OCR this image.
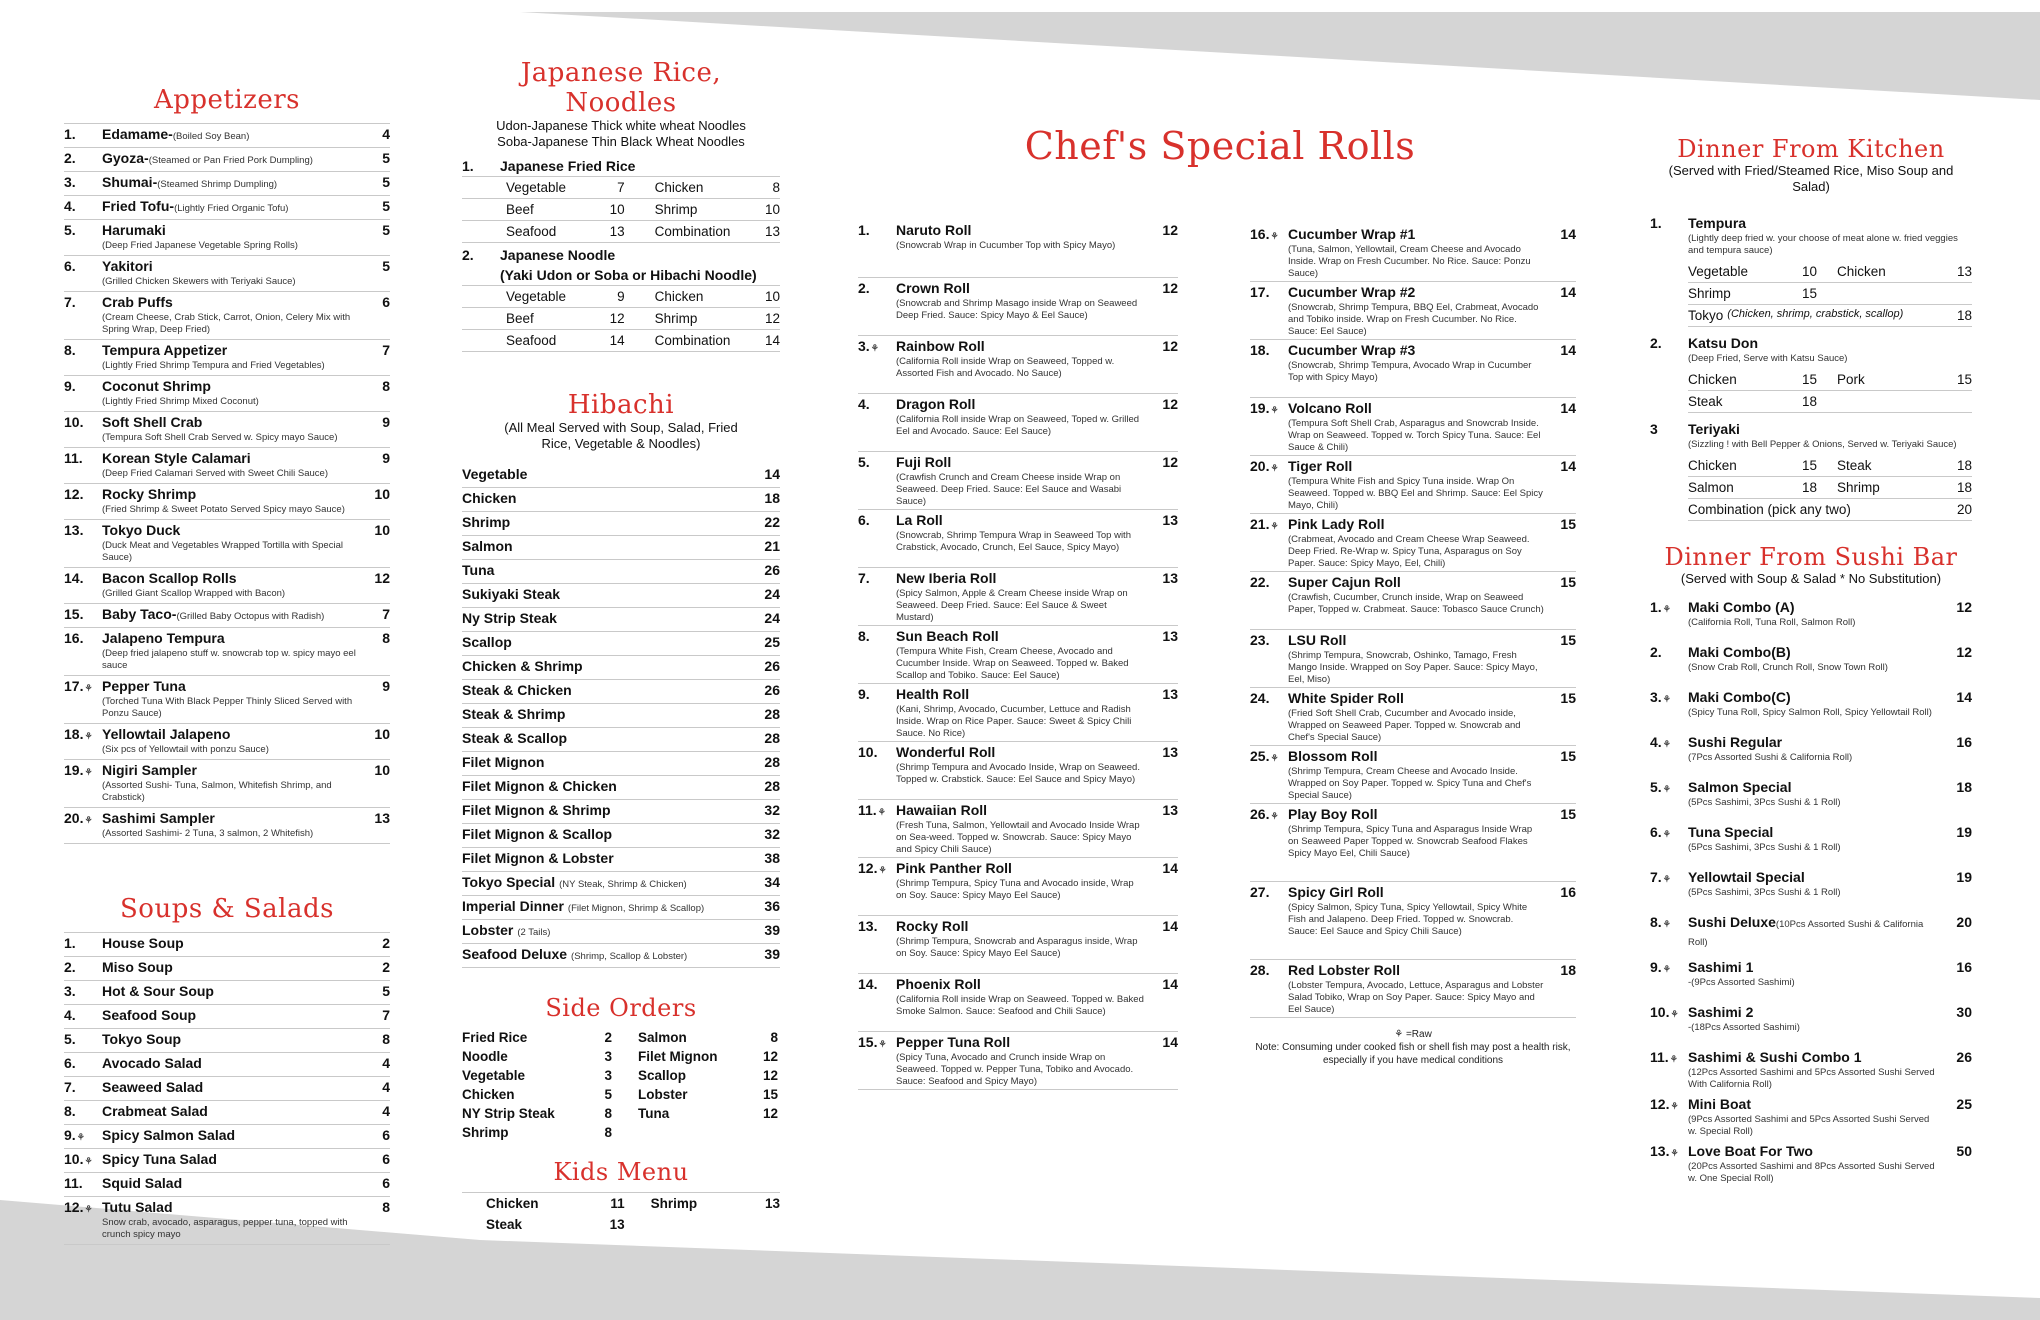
Appetizers
1.	Edamame-(Boiled Soy Bean)	4
2.	Gyoza-(Steamed or Pan Fried Pork Dumpling)	5
3.	Shumai-(Steamed Shrimp Dumpling)	5
4.	Fried Tofu-(Lightly Fried Organic Tofu)	5
5.	Harumaki
(Deep Fried Japanese Vegetable Spring Rolls)
5
6.	Yakitori
(Grilled Chicken Skewers with Teriyaki Sauce)
5
7.	Crab Puffs
(Cream Cheese, Crab Stick, Carrot, Onion, Celery Mix with Spring Wrap, Deep Fried)
6
8.	Tempura Appetizer
(Lightly Fried Shrimp Tempura and Fried Vegetables)
7
9.	Coconut Shrimp
(Lightly Fried Shrimp Mixed Coconut)
8
10.	Soft Shell Crab
(Tempura Soft Shell Crab Served w. Spicy mayo Sauce)
9
11.	Korean Style Calamari
(Deep Fried Calamari Served with Sweet Chili Sauce)
9
12.	Rocky Shrimp
(Fried Shrimp & Sweet Potato Served Spicy mayo Sauce)
10
13.	Tokyo Duck
(Duck Meat and Vegetables Wrapped Tortilla with Special Sauce)
10
14.	Bacon Scallop Rolls
(Grilled Giant Scallop Wrapped with Bacon)
12
15.	Baby Taco-(Grilled Baby Octopus with Radish)	7
16.	Jalapeno Tempura
(Deep fried jalapeno stuff w. snowcrab top w. spicy mayo eel sauce
8
17.⚘ Pepper Tuna
(Torched Tuna With Black Pepper Thinly Sliced Served with Ponzu Sauce)
9
18.⚘ Yellowtail Jalapeno
(Six pcs of Yellowtail with ponzu Sauce)
10
19.⚘ Nigiri Sampler
(Assorted Sushi- Tuna, Salmon, Whitefish Shrimp, and Crabstick)
10
20.⚘ Sashimi Sampler
(Assorted Sashimi- 2 Tuna, 3 salmon, 2 Whitefish)
13
Soups & Salads
1.	House Soup	2
2.	Miso Soup	2
3.	Hot & Sour Soup	5
4.	Seafood Soup	7
5.	Tokyo Soup	8
6.	Avocado Salad	4
7.	Seaweed Salad	4
8.	Crabmeat Salad	4
9.⚘	Spicy Salmon Salad	6
10.⚘ Spicy Tuna Salad	6
11.	Squid Salad	6
12.⚘ Tutu Salad
Snow crab, avocado, asparagus, pepper tuna, topped with crunch spicy mayo
8
Japanese Rice, Noodles
Udon-Japanese Thick white wheat Noodles
Soba-Japanese Thin Black Wheat Noodles
1.	Japanese Fried Rice
Vegetable	7 Chicken	8
Beef	10 Shrimp	10
Seafood	13 Combination	13
2.	Japanese Noodle
(Yaki Udon or Soba or Hibachi Noodle)
Vegetable	9 Chicken	10
Beef	12 Shrimp	12
Seafood	14 Combination	14
Hibachi
(All Meal Served with Soup, Salad, Fried Rice, Vegetable & Noodles)
Vegetable	14
Chicken	18
Shrimp	22
Salmon	21
Tuna	26
Sukiyaki Steak	24
Ny Strip Steak	24
Scallop	25
Chicken & Shrimp	26
Steak & Chicken	26
Steak & Shrimp	28
Steak & Scallop	28
Filet Mignon	28
Filet Mignon & Chicken	28
Filet Mignon & Shrimp	32
Filet Mignon & Scallop	32
Filet Mignon & Lobster	38
Tokyo Special (NY Steak, Shrimp & Chicken)	34
Imperial Dinner (Filet Mignon, Shrimp & Scallop)	36
Lobster (2 Tails)	39
Seafood Deluxe (Shrimp, Scallop & Lobster)	39
Side Orders
Fried Rice	2 Salmon	8
Noodle	3 Filet Mignon	12
Vegetable	3 Scallop	12
Chicken	5 Lobster	15
NY Strip Steak	8 Tuna	12
Shrimp	8
Kids Menu
Chicken	11 Shrimp	13
Steak	13
Chef's Special Rolls
1.	Naruto Roll
(Snowcrab Wrap in Cucumber Top with Spicy Mayo)
12
2.	Crown Roll
(Snowcrab and Shrimp Masago inside Wrap on Seaweed Deep Fried. Sauce: Spicy Mayo & Eel Sauce)
12
3.⚘	Rainbow Roll
(California Roll inside Wrap on Seaweed, Topped w. Assorted Fish and Avocado. No Sauce)
12
4.	Dragon Roll
(California Roll inside Wrap on Seaweed, Toped w. Grilled Eel and Avocado. Sauce: Eel Sauce)
12
5.	Fuji Roll
(Crawfish Crunch and Cream Cheese inside Wrap on Seaweed. Deep Fried. Sauce: Eel Sauce and Wasabi Sauce)
12
6.	La Roll
(Snowcrab, Shrimp Tempura Wrap in Seaweed Top with Crabstick, Avocado, Crunch, Eel Sauce, Spicy Mayo)
13
7.	New Iberia Roll
(Spicy Salmon, Apple & Cream Cheese inside Wrap on Seaweed. Deep Fried. Sauce: Eel Sauce & Sweet Mustard)
13
8.	Sun Beach Roll
(Tempura White Fish, Cream Cheese, Avocado and Cucumber Inside. Wrap on Seaweed. Topped w. Baked Scallop and Tobiko. Sauce: Eel Sauce)
13
9.	Health Roll
(Kani, Shrimp, Avocado, Cucumber, Lettuce and Radish Inside. Wrap on Rice Paper. Sauce: Sweet & Spicy Chili Sauce. No Rice)
13
10.	Wonderful Roll
(Shrimp Tempura and Avocado Inside, Wrap on Seaweed. Topped w. Crabstick. Sauce: Eel Sauce and Spicy Mayo)
13
11.⚘ Hawaiian Roll
(Fresh Tuna, Salmon, Yellowtail and Avocado Inside Wrap on Sea-weed. Topped w. Snowcrab. Sauce: Spicy Mayo and Spicy Chili Sauce)
13
12.⚘ Pink Panther Roll
(Shrimp Tempura, Spicy Tuna and Avocado inside, Wrap on Soy. Sauce: Spicy Mayo Eel Sauce)
14
13.	Rocky Roll
(Shrimp Tempura, Snowcrab and Asparagus inside, Wrap on Soy. Sauce: Spicy Mayo Eel Sauce)
14
14.	Phoenix Roll
(California Roll inside Wrap on Seaweed. Topped w. Baked Smoke Salmon. Sauce: Seafood and Chili Sauce)
14
15.⚘ Pepper Tuna Roll
(Spicy Tuna, Avocado and Crunch inside Wrap on Seaweed. Topped w. Pepper Tuna, Tobiko and Avocado. Sauce: Seafood and Spicy Mayo)
14
16.⚘ Cucumber Wrap #1
(Tuna, Salmon, Yellowtail, Cream Cheese and Avocado Inside. Wrap on Fresh Cucumber. No Rice. Sauce: Ponzu Sauce)
14
17.	Cucumber Wrap #2
(Snowcrab, Shrimp Tempura, BBQ Eel, Crabmeat, Avocado and Tobiko inside. Wrap on Fresh Cucumber. No Rice. Sauce: Eel Sauce)
14
18.	Cucumber Wrap #3
(Snowcrab, Shrimp Tempura, Avocado Wrap in Cucumber Top with Spicy Mayo)
14
19.⚘ Volcano Roll
(Tempura Soft Shell Crab, Asparagus and Snowcrab Inside. Wrap on Seaweed. Topped w. Torch Spicy Tuna. Sauce: Eel Sauce & Chili)
14
20.⚘ Tiger Roll
(Tempura White Fish and Spicy Tuna inside. Wrap On Seaweed. Topped w. BBQ Eel and Shrimp. Sauce: Eel Spicy Mayo, Chili)
14
21.⚘ Pink Lady Roll
(Crabmeat, Avocado and Cream Cheese Wrap Seaweed. Deep Fried. Re-Wrap w. Spicy Tuna, Asparagus on Soy Paper. Sauce: Spicy Mayo, Eel, Chili)
15
22.	Super Cajun Roll
(Crawfish, Cucumber, Crunch inside, Wrap on Seaweed Paper, Topped w. Crabmeat. Sauce: Tobasco Sauce Crunch)
15
23.	LSU Roll
(Shrimp Tempura, Snowcrab, Oshinko, Tamago, Fresh Mango Inside. Wrapped on Soy Paper. Sauce: Spicy Mayo, Eel, Miso)
15
24.	White Spider Roll
(Fried Soft Shell Crab, Cucumber and Avocado inside, Wrapped on Seaweed Paper. Topped w. Snowcrab and Chef's Special Sauce)
15
25.⚘ Blossom Roll
(Shrimp Tempura, Cream Cheese and Avocado Inside. Wrapped on Soy Paper. Topped w. Spicy Tuna and Chef's Special Sauce)
15
26.⚘ Play Boy Roll
(Shrimp Tempura, Spicy Tuna and Asparagus Inside Wrap on Seaweed Paper Topped w. Snowcrab Seafood Flakes Spicy Mayo Eel, Chili Sauce)
15
27.	Spicy Girl Roll
(Spicy Salmon, Spicy Tuna, Spicy Yellowtail, Spicy White Fish and Jalapeno. Deep Fried. Topped w. Snowcrab. Sauce: Eel Sauce and Spicy Chili Sauce)
16
28.	Red Lobster Roll
(Lobster Tempura, Avocado, Lettuce, Asparagus and Lobster Salad Tobiko, Wrap on Soy Paper. Sauce: Spicy Mayo and Eel Sauce)
18
⚘ =Raw
Note: Consuming under cooked fish or shell fish may post a health risk,
especially if you have medical conditions
Dinner From Kitchen
(Served with Fried/Steamed Rice, Miso Soup and Salad)
1.	Tempura
(Lightly deep fried w. your choose of meat alone w. fried veggies and tempura sauce)
Vegetable	10 Chicken	13
Shrimp	15
Tokyo (Chicken, shrimp, crabstick, scallop)	18
2.	Katsu Don
(Deep Fried, Serve with Katsu Sauce)
Chicken	15 Pork	15
Steak	18
3	Teriyaki
(Sizzling ! with Bell Pepper & Onions, Served w. Teriyaki Sauce)
Chicken	15 Steak	18
Salmon	18 Shrimp	18
Combination (pick any two)	20
Dinner From Sushi Bar
(Served with Soup & Salad * No Substitution)
1.⚘	Maki Combo (A)
(California Roll, Tuna Roll, Salmon Roll)
12
2.	Maki Combo(B)
(Snow Crab Roll, Crunch Roll, Snow Town Roll)
12
3.⚘	Maki Combo(C)
(Spicy Tuna Roll, Spicy Salmon Roll, Spicy Yellowtail Roll)
14
4.⚘	Sushi Regular
(7Pcs Assorted Sushi & California Roll)
16
5.⚘	Salmon Special
(5Pcs Sashimi, 3Pcs Sushi & 1 Roll)
18
6.⚘	Tuna Special
(5Pcs Sashimi, 3Pcs Sushi & 1 Roll)
19
7.⚘	Yellowtail Special
(5Pcs Sashimi, 3Pcs Sushi & 1 Roll)
19
8.⚘	Sushi Deluxe(10Pcs Assorted Sushi & California Roll)
20
9.⚘	Sashimi 1
-(9Pcs Assorted Sashimi)
16
10.⚘ Sashimi 2
-(18Pcs Assorted Sashimi)
30
11.⚘ Sashimi & Sushi Combo 1
(12Pcs Assorted Sashimi and 5Pcs Assorted Sushi Served With California Roll)
26
12.⚘ Mini Boat
(9Pcs Assorted Sashimi and 5Pcs Assorted Sushi Served w. Special Roll)
25
13.⚘ Love Boat For Two
(20Pcs Assorted Sashimi and 8Pcs Assorted Sushi Served w. One Special Roll)
50
